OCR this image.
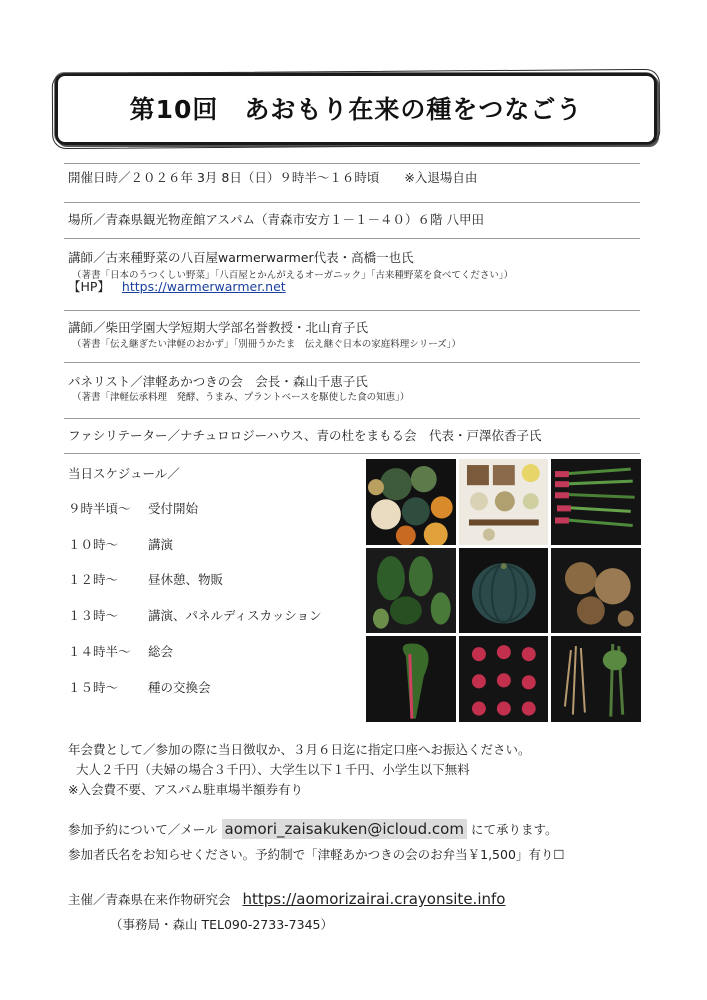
第10回　あおもり在来の種をつなごう
開催日時／２０２６年 3月 8日（日）９時半～１６時頃　　※入退場自由
場所／青森県観光物産館アスパム（青森市安方１－１－４０）６階 八甲田
講師／古来種野菜の八百屋warmerwarmer代表・高橋一也氏
（著書「日本のうつくしい野菜」「八百屋とかんがえるオーガニック」「古来種野菜を食べてください」）
【HP】 https://warmerwarmer.net
講師／柴田学園大学短期大学部名誉教授・北山育子氏
（著書「伝え継ぎたい津軽のおかず」「別冊うかたま　伝え継ぐ日本の家庭料理シリーズ」）
パネリスト／津軽あかつきの会　会長・森山千恵子氏
（著書「津軽伝承料理　発酵、うまみ、プラントベースを駆使した食の知恵」）
ファシリテーター／ナチュロロジーハウス、青の杜をまもる会　代表・戸澤依香子氏
当日スケジュール／
９時半頃～ 受付開始
１０時～ 講演
１２時～ 昼休憩、物販
１３時～ 講演、パネルディスカッション
１４時半～ 総会
１５時～ 種の交換会
年会費として／参加の際に当日徴収か、３月６日迄に指定口座へお振込ください。
大人２千円（夫婦の場合３千円）、大学生以下１千円、小学生以下無料
※入会費不要、アスパム駐車場半額券有り
参加予約について／メール aomori_zaisakuken@icloud.com にて承ります。
参加者氏名をお知らせください。予約制で「津軽あかつきの会のお弁当￥1,500」有り☐
主催／青森県在来作物研究会 https://aomorizairai.crayonsite.info
（事務局・森山 TEL090-2733-7345）
